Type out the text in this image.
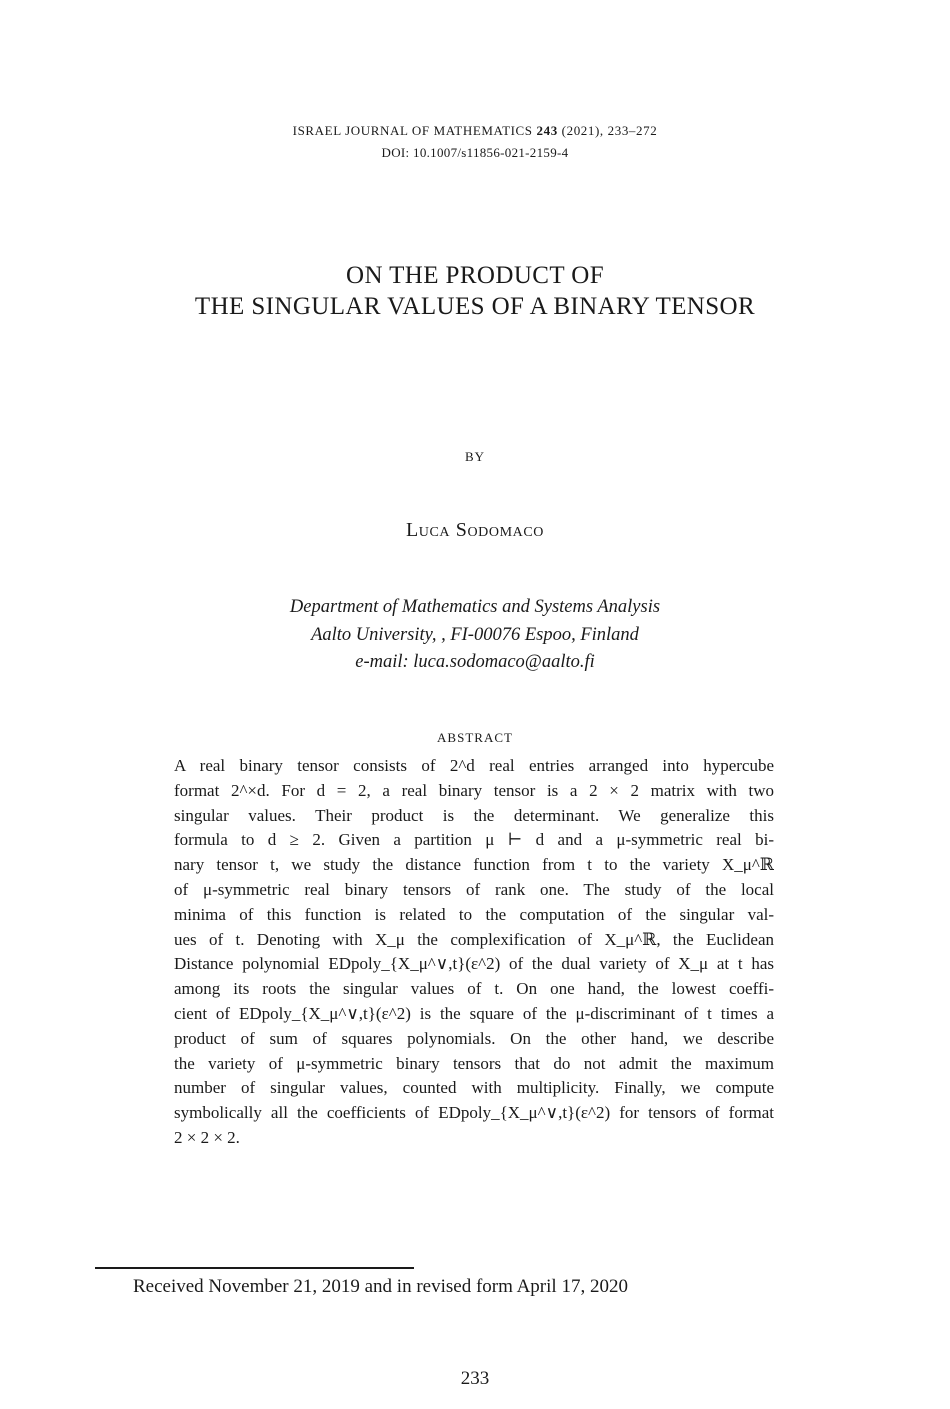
ISRAEL JOURNAL OF MATHEMATICS 243 (2021), 233–272
DOI: 10.1007/s11856-021-2159-4
ON THE PRODUCT OF
THE SINGULAR VALUES OF A BINARY TENSOR
BY
Luca Sodomaco
Department of Mathematics and Systems Analysis
Aalto University, , FI-00076 Espoo, Finland
e-mail: luca.sodomaco@aalto.fi
ABSTRACT
A real binary tensor consists of 2^d real entries arranged into hypercube
format 2^×d. For d = 2, a real binary tensor is a 2 × 2 matrix with two
singular values. Their product is the determinant. We generalize this
formula to d ≥ 2. Given a partition μ ⊢ d and a μ-symmetric real bi-
nary tensor t, we study the distance function from t to the variety X_μ^ℝ
of μ-symmetric real binary tensors of rank one. The study of the local
minima of this function is related to the computation of the singular val-
ues of t. Denoting with X_μ the complexification of X_μ^ℝ, the Euclidean
Distance polynomial EDpoly_{X_μ^∨,t}(ε^2) of the dual variety of X_μ at t has
among its roots the singular values of t. On one hand, the lowest coeffi-
cient of EDpoly_{X_μ^∨,t}(ε^2) is the square of the μ-discriminant of t times a
product of sum of squares polynomials. On the other hand, we describe
the variety of μ-symmetric binary tensors that do not admit the maximum
number of singular values, counted with multiplicity. Finally, we compute
symbolically all the coefficients of EDpoly_{X_μ^∨,t}(ε^2) for tensors of format
2 × 2 × 2.
Received November 21, 2019 and in revised form April 17, 2020
233
